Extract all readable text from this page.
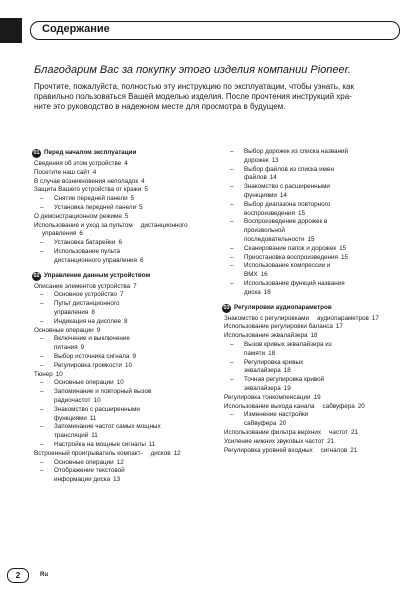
Содержание
Благодарим Вас за покупку этого изделия компании Pioneer.
Прочтите, пожалуйста, полностью эту инструкцию по эксплуатации, чтобы узнать, как
правильно пользоваться Вашей моделью изделия. После прочтения инструкций хра-
ните это руководство в надежном месте для просмотра в будущем.
01 Перед началом эксплуатации
Сведения об этом устройстве 4
Посетите наш сайт 4
В случае возникновения неполадок 4
Защита Вашего устройства от кражи 5
– Снятие передней панели 5
– Установка передней панели 5
О демонстрационном режиме 5
Использование и уход за пультом дистанционного управления 6
– Установка батарейки 6
– Использование пульта
дистанционного управления 6
02 Управление данным устройством
Описание элементов устройства 7
– Основное устройство 7
– Пульт дистанционного
управления 8
– Индикация на дисплее 8
Основные операции 9
– Включение и выключение
питания 9
– Выбор источника сигнала 9
– Регулировка громкости 10
Тюнер 10
– Основные операции 10
– Запоминание и повторный вызов
радиочастот 10
– Знакомство с расширенными
функциями 11
– Запоминание частот самых мощных
трансляций 11
– Настройка на мощные сигналы 11
Встроенный проигрыватель компакт- дисков 12
– Основные операции 12
– Отображение текстовой
информации диска 13
– Выбор дорожек из списка названий
дорожек 13
– Выбор файлов из списка имен
файлов 14
– Знакомство с расширенными
функциями 14
– Выбор диапазона повторного
воспроизведения 15
– Воспроизведение дорожек в
произвольной
последовательности 15
– Сканирование папок и дорожек 15
– Приостановка воспроизведения 15
– Использование компрессии и
BMX 16
– Использование функций названия
диска 16
03 Регулировки аудиопараметров
Знакомство с регулировками аудиопараметров 17
Использование регулировки баланса 17
Использование эквалайзера 18
– Вызов кривых эквалайзера из
памяти 18
– Регулировка кривых
эквалайзера 18
– Точная регулировка кривой
эквалайзера 19
Регулировка тонкомпенсации 19
Использование выхода канала сабвуфера 20
– Изменение настройки
сабвуфера 20
Использование фильтра верхних частот 21
Усиление нижних звуковых частот 21
Регулировка уровней входных сигналов 21
2	Ru
